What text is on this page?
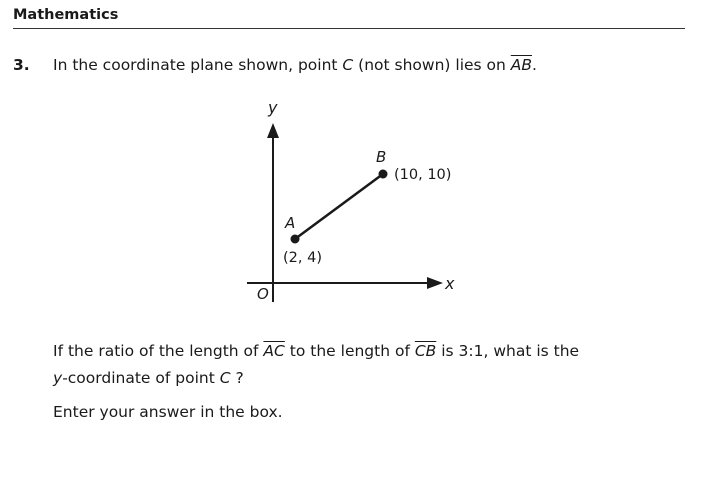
Mathematics
3. In the coordinate plane shown, point C (not shown) lies on $\overline{AB}$.
y
x
O
A
(2, 4)
B
(10, 10)
If the ratio of the length of $\overline{AC}$ to the length of $\overline{CB}$ is 3:1, what is the
y-coordinate of point C ?
Enter your answer in the box.
